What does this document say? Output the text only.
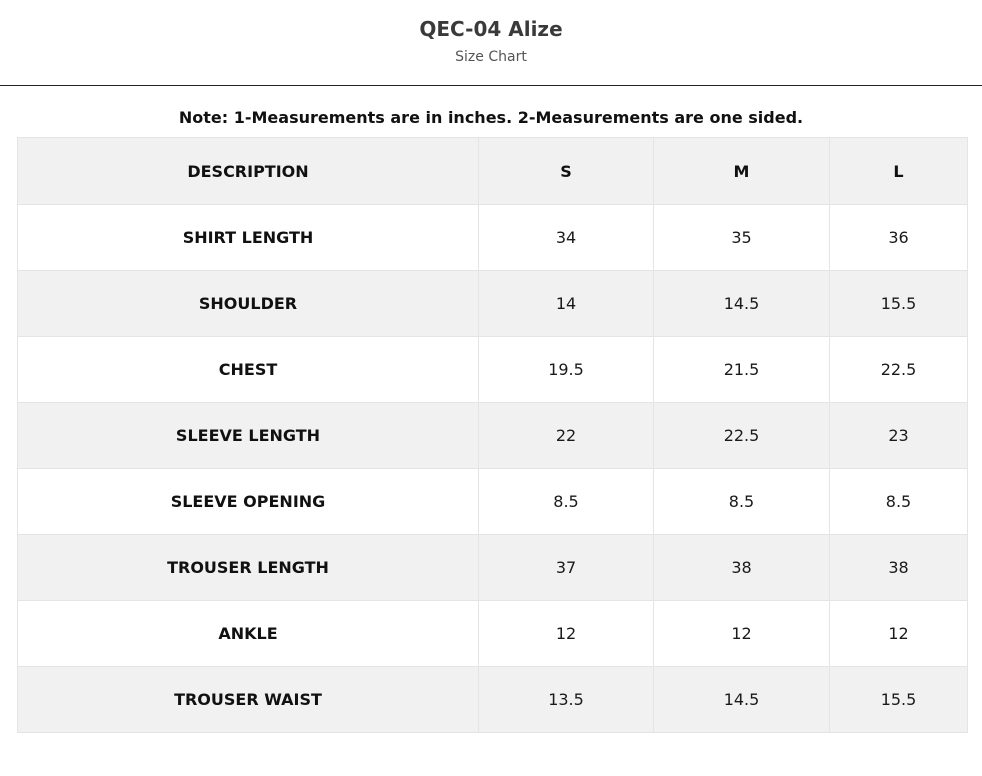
QEC-04 Alize
Size Chart
Note: 1-Measurements are in inches. 2-Measurements are one sided.
DESCRIPTION	S	M	L
SHIRT LENGTH	34	35	36
SHOULDER	14	14.5	15.5
CHEST	19.5	21.5	22.5
SLEEVE LENGTH	22	22.5	23
SLEEVE OPENING	8.5	8.5	8.5
TROUSER LENGTH	37	38	38
ANKLE	12	12	12
TROUSER WAIST	13.5	14.5	15.5
